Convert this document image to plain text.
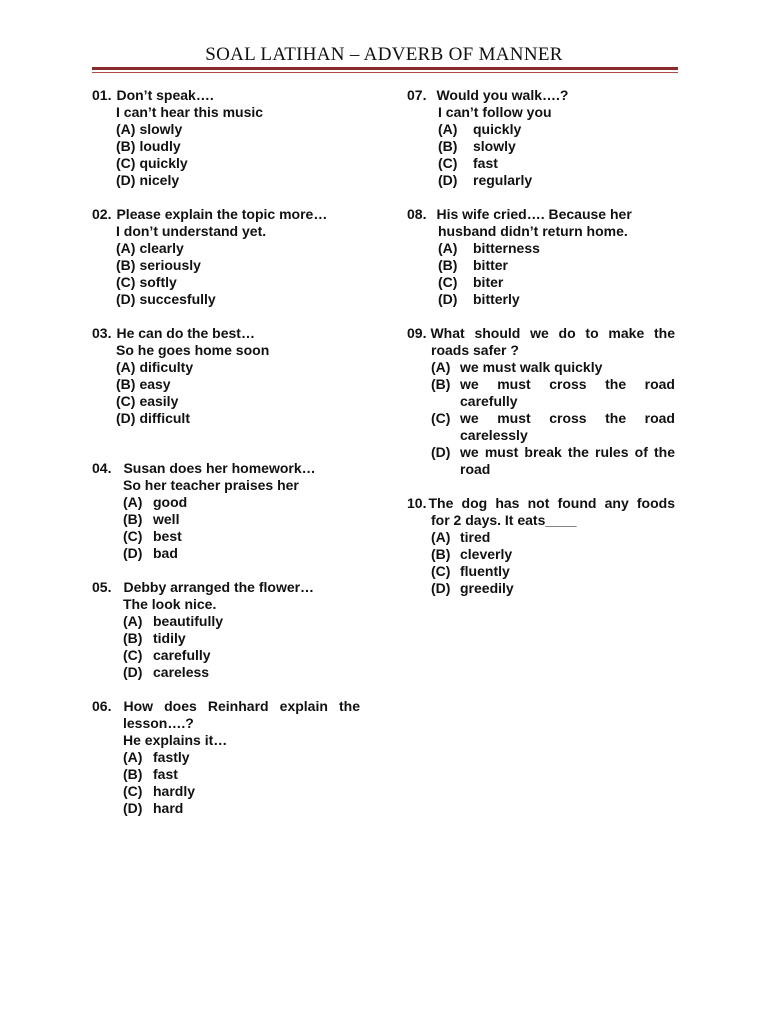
SOAL LATIHAN – ADVERB OF MANNER
01. Don’t speak….
I can’t hear this music
(A) slowly
(B) loudly
(C) quickly
(D) nicely
02. Please explain the topic more…
I don’t understand yet.
(A) clearly
(B) seriously
(C) softly
(D) succesfully
03. He can do the best…
So he goes home soon
(A) dificulty
(B) easy
(C) easily
(D) difficult
04. Susan does her homework…
So her teacher praises her
(A) good
(B) well
(C) best
(D) bad
05. Debby arranged the flower…
The look nice.
(A) beautifully
(B) tidily
(C) carefully
(D) careless
06. How does Reinhard explain the
lesson….?
He explains it…
(A) fastly
(B) fast
(C) hardly
(D) hard
07. Would you walk….?
I can’t follow you
(A)	quickly
(B)	slowly
(C)	fast
(D)	regularly
08. His wife cried…. Because her
husband didn’t return home.
(A)	bitterness
(B)	bitter
(C)	biter
(D)	bitterly
09. What should we do to make the
roads safer ?
(A) we must walk quickly
(B) we must cross the road
carefully
(C) we must cross the road
carelessly
(D) we must break the rules of the
road
10. The dog has not found any foods
for 2 days. It eats____
(A) tired
(B) cleverly
(C) fluently
(D) greedily
